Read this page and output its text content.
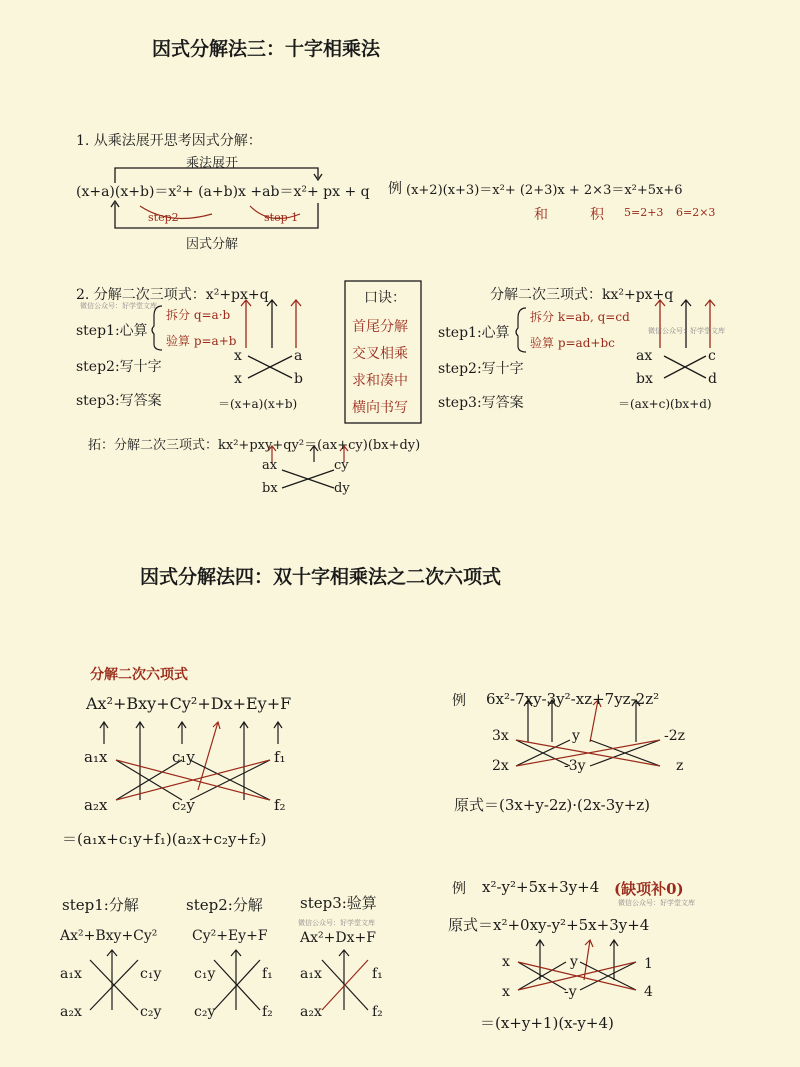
因式分解法三：十字相乘法
1. 从乘法展开思考因式分解：
乘法展开
(x+a)(x+b)＝x²+ (a+b)x +ab＝x²+ px + q
step2	step 1
因式分解
例 (x+2)(x+3)＝x²+ (2+3)x + 2×3＝x²+5x+6
和	积 5=2+3 6=2×3
2. 分解二次三项式：x²+px+q
微信公众号：好学堂文库
step1:心算
拆分 q=a·b
验算 p=a+b
step2:写十字
step3:写答案
x	a
x	b
＝(x+a)(x+b)
口诀：
首尾分解
交叉相乘
求和凑中
横向书写
分解二次三项式：kx²+px+q
step1:心算
拆分 k=ab, q=cd
微信公众号：好学堂文库
验算 p=ad+bc
step2:写十字
step3:写答案
ax	c
bx	d
＝(ax+c)(bx+d)
拓：分解二次三项式：kx²+pxy+qy²＝(ax+cy)(bx+dy)
ax	cy
bx	dy
因式分解法四：双十字相乘法之二次六项式
分解二次六项式
Ax²+Bxy+Cy²+Dx+Ey+F
a₁x	c₁y	f₁
a₂x	c₂y	f₂
＝(a₁x+c₁y+f₁)(a₂x+c₂y+f₂)
例 6x²-7xy-3y²-xz+7yz-2z²
3x	y	-2z
2x	-3y	z
原式＝(3x+y-2z)·(2x-3y+z)
step1:分解
Ax²+Bxy+Cy²
a₁x	c₁y
a₂x	c₂y
step2:分解
Cy²+Ey+F
c₁y	f₁
c₂y	f₂
step3:验算
微信公众号：好学堂文库
Ax²+Dx+F
a₁x	f₁
a₂x	f₂
例 x²-y²+5x+3y+4 (缺项补0)
微信公众号：好学堂文库
原式＝x²+0xy-y²+5x+3y+4
x	y	1
x	-y	4
＝(x+y+1)(x-y+4)
